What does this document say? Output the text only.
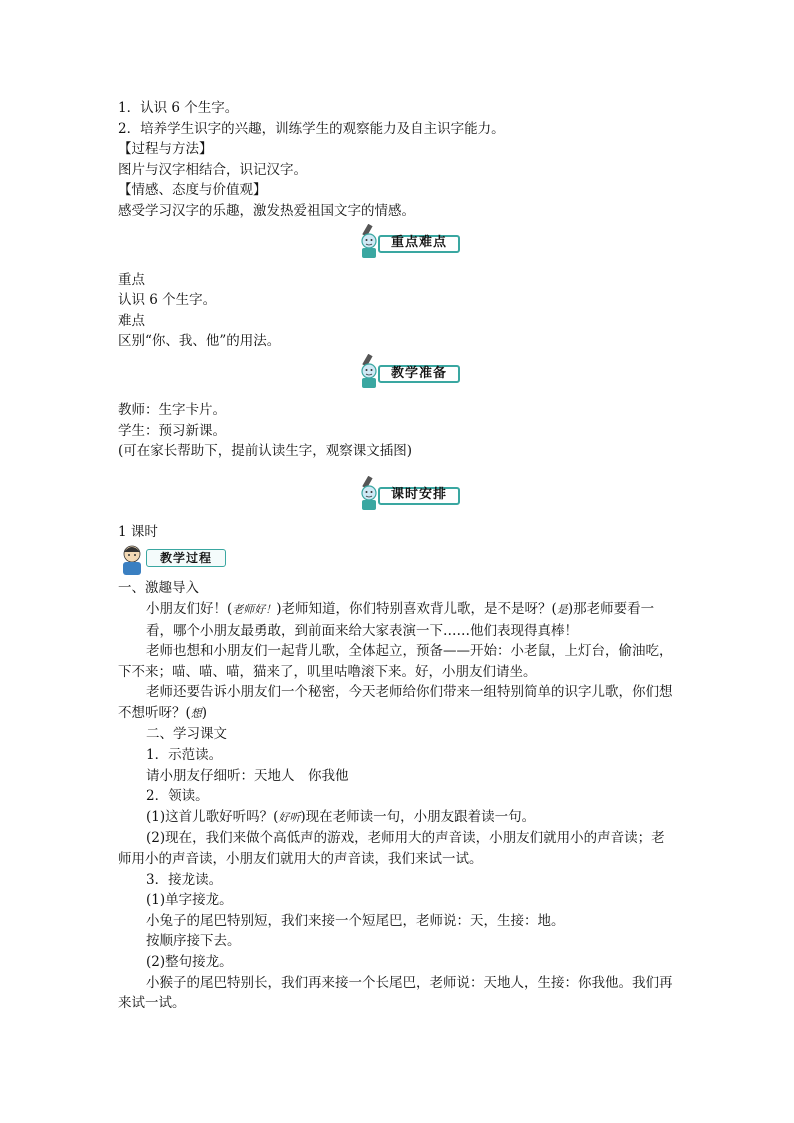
1．认识 6 个生字。
2．培养学生识字的兴趣，训练学生的观察能力及自主识字能力。
【过程与方法】
图片与汉字相结合，识记汉字。
【情感、态度与价值观】
感受学习汉字的乐趣，激发热爱祖国文字的情感。
重点难点
重点
认识 6 个生字。
难点
区别“你、我、他”的用法。
教学准备
教师：生字卡片。
学生：预习新课。
(可在家长帮助下，提前认读生字，观察课文插图)
课时安排
1 课时
教学过程
一、激趣导入
小朋友们好！(老师好！)老师知道，你们特别喜欢背儿歌，是不是呀？(是)那老师要看一看，哪个小朋友最勇敢，到前面来给大家表演一下……他们表现得真棒！
老师也想和小朋友们一起背儿歌，全体起立，预备——开始：小老鼠，上灯台，偷油吃，下不来；喵、喵、喵，猫来了，叽里咕噜滚下来。好，小朋友们请坐。
老师还要告诉小朋友们一个秘密，今天老师给你们带来一组特别简单的识字儿歌，你们想不想听呀？(想)
二、学习课文
1．示范读。
请小朋友仔细听：天地人　你我他
2．领读。
(1)这首儿歌好听吗？(好听)现在老师读一句，小朋友跟着读一句。
(2)现在，我们来做个高低声的游戏，老师用大的声音读，小朋友们就用小的声音读；老师用小的声音读，小朋友们就用大的声音读，我们来试一试。
3．接龙读。
(1)单字接龙。
小兔子的尾巴特别短，我们来接一个短尾巴，老师说：天，生接：地。
按顺序接下去。
(2)整句接龙。
小猴子的尾巴特别长，我们再来接一个长尾巴，老师说：天地人，生接：你我他。我们再来试一试。
